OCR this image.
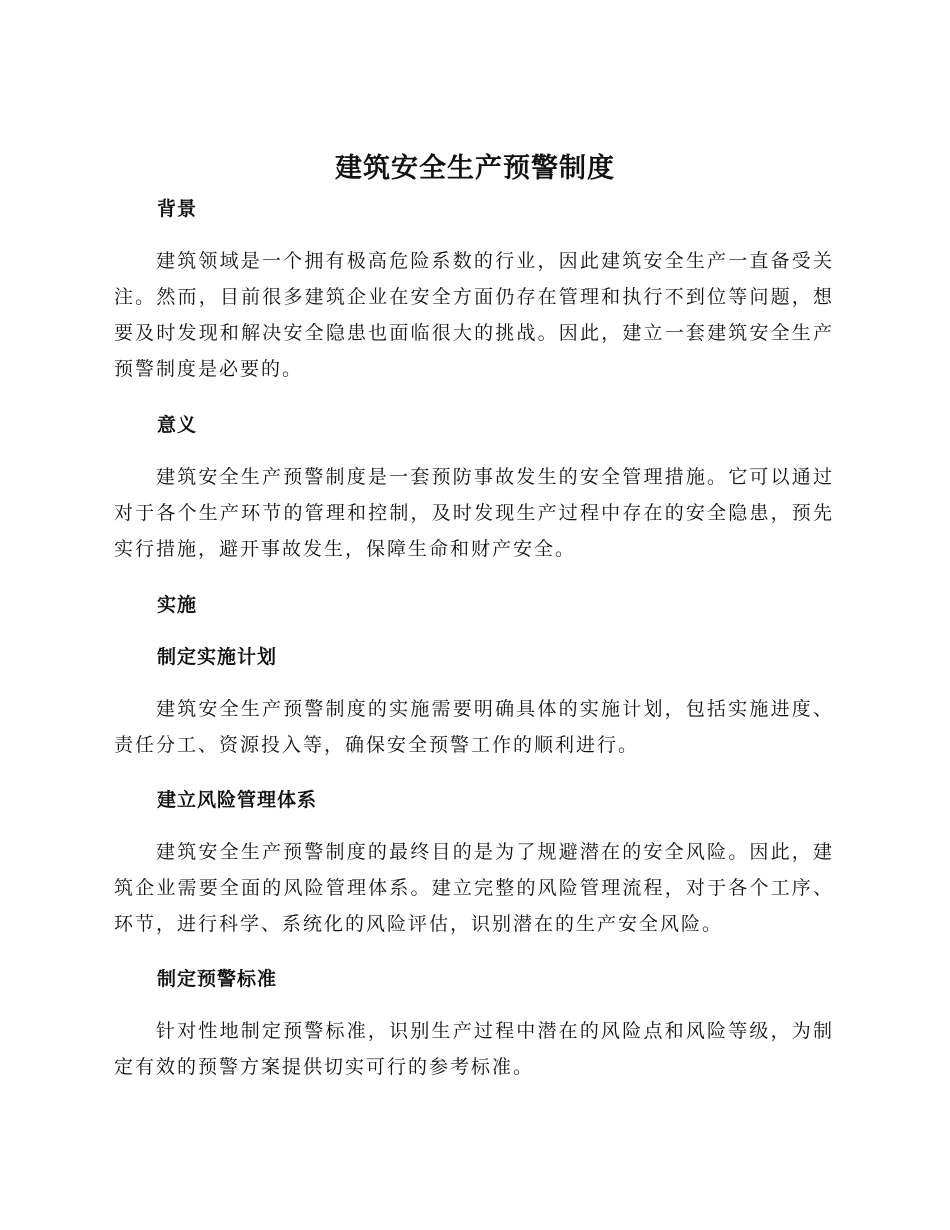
建筑安全生产预警制度
背景

建筑领域是一个拥有极高危险系数的行业，因此建筑安全生产一直备受关注。然而，目前很多建筑企业在安全方面仍存在管理和执行不到位等问题，想要及时发现和解决安全隐患也面临很大的挑战。因此，建立一套建筑安全生产预警制度是必要的。

意义

建筑安全生产预警制度是一套预防事故发生的安全管理措施。它可以通过对于各个生产环节的管理和控制，及时发现生产过程中存在的安全隐患，预先实行措施，避开事故发生，保障生命和财产安全。

实施
制定实施计划

建筑安全生产预警制度的实施需要明确具体的实施计划，包括实施进度、责任分工、资源投入等，确保安全预警工作的顺利进行。

建立风险管理体系

建筑安全生产预警制度的最终目的是为了规避潜在的安全风险。因此，建筑企业需要全面的风险管理体系。建立完整的风险管理流程，对于各个工序、环节，进行科学、系统化的风险评估，识别潜在的生产安全风险。

制定预警标准

针对性地制定预警标准，识别生产过程中潜在的风险点和风险等级，为制定有效的预警方案提供切实可行的参考标准。
